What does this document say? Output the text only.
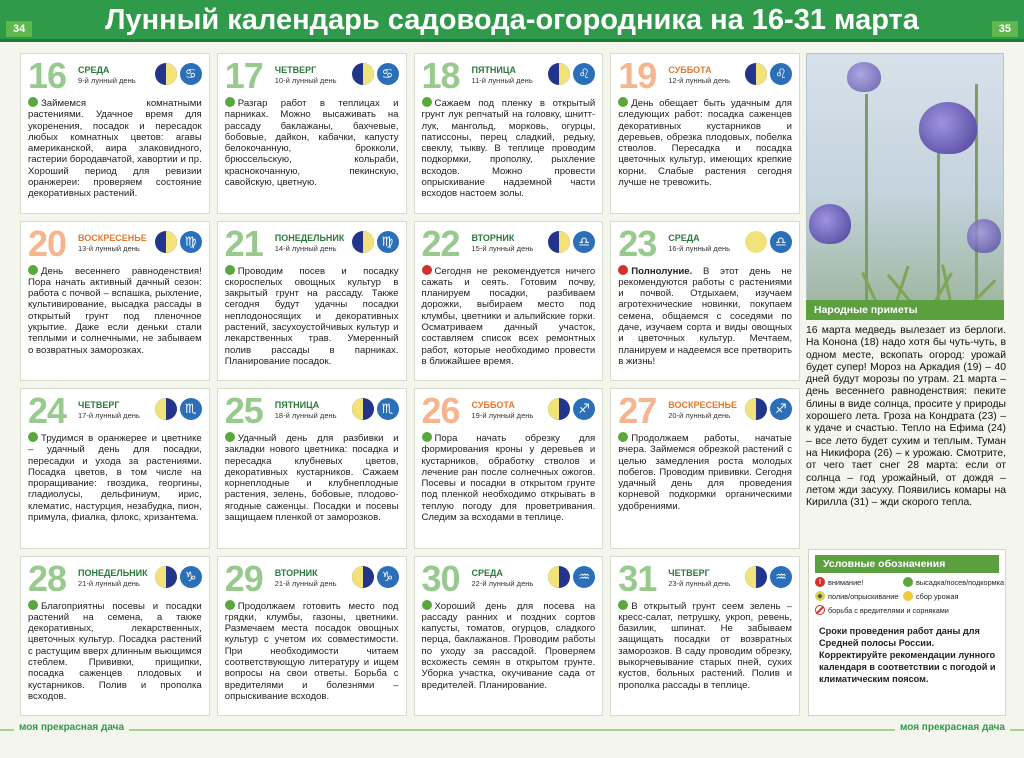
34	Лунный календарь садовода-огородника на 16-31 марта	35
16	СРЕДА
9-й лунный день	♋
Займемся комнатными растениями. Удачное время для укоренения, посадок и пересадок любых комнатных цветов: агавы американской, аира злаковидного, гастерии бородавчатой, хавортии и пр. Хороший период для ревизии оранжереи: проверяем состояние декоративных растений.
17	ЧЕТВЕРГ
10-й лунный день	♋
Разгар работ в теплицах и парниках. Можно высаживать на рассаду баклажаны, бахчевые, бобовые, дайкон, кабачки, капусту белокочанную, брокколи, брюссельскую, кольраби, краснокочанную, пекинскую, савойскую, цветную.
18	ПЯТНИЦА
11-й лунный день	♌
Сажаем под пленку в открытый грунт лук репчатый на головку, шнитт-лук, мангольд, морковь, огурцы, патиссоны, перец сладкий, редьку, свеклу, тыкву. В теплице проводим подкормки, прополку, рыхление всходов. Можно провести опрыскивание надземной части всходов настоем золы.
19	СУББОТА
12-й лунный день	♌
День обещает быть удачным для следующих работ: посадка саженцев декоративных кустарников и деревьев, обрезка плодовых, побелка стволов. Пересадка и посадка цветочных культур, имеющих крепкие корни. Слабые растения сегодня лучше не тревожить.
20	ВОСКРЕСЕНЬЕ
13-й лунный день	♍
День весеннего равноденствия! Пора начать активный дачный сезон: работа с почвой – вспашка, рыхление, культивирование, высадка рассады в открытый грунт под пленочное укрытие. Даже если деньки стали теплыми и солнечными, не забываем о возвратных заморозках.
21	ПОНЕДЕЛЬНИК
14-й лунный день	♍
Проводим посев и посадку скороспелых овощных культур в закрытый грунт на рассаду. Также сегодня будут удачны посадки неплодоносящих и декоративных растений, засухоустойчивых культур и лекарственных трав. Умеренный полив рассады в парниках. Планирование посадок.
22	ВТОРНИК
15-й лунный день	♎
Сегодня не рекомендуется ничего сажать и сеять. Готовим почву, планируем посадки, разбиваем дорожки, выбираем место под клумбы, цветники и альпийские горки. Осматриваем дачный участок, составляем список всех ремонтных работ, которые необходимо провести в ближайшее время.
23	СРЕДА
16-й лунный день	♎
Полнолуние. В этот день не рекомендуются работы с растениями и почвой. Отдыхаем, изучаем агротехнические новинки, покупаем семена, общаемся с соседями по даче, изучаем сорта и виды овощных и цветочных культур. Мечтаем, планируем и надеемся все претворить в жизнь!
24	ЧЕТВЕРГ
17-й лунный день	♏
Трудимся в оранжерее и цветнике – удачный день для посадки, пересадки и ухода за растениями. Посадка цветов, в том числе на проращивание: гвоздика, георгины, гладиолусы, дельфиниум, ирис, клематис, настурция, незабудка, пион, примула, фиалка, флокс, хризантема.
25	ПЯТНИЦА
18-й лунный день	♏
Удачный день для разбивки и закладки нового цветника: посадка и пересадка клубневых цветов, декоративных кустарников. Сажаем корнеплодные и клубнеплодные растения, зелень, бобовые, плодово-ягодные саженцы. Посадки и посевы защищаем пленкой от заморозков.
26	СУББОТА
19-й лунный день	♐
Пора начать обрезку для формирования кроны у деревьев и кустарников, обработку стволов и лечение ран после солнечных ожогов. Посевы и посадки в открытом грунте под пленкой необходимо открывать в теплую погоду для проветривания. Следим за всходами в теплице.
27	ВОСКРЕСЕНЬЕ
20-й лунный день	♐
Продолжаем работы, начатые вчера. Займемся обрезкой растений с целью замедления роста молодых побегов. Проводим прививки. Сегодня удачный день для проведения корневой подкормки органическими удобрениями.
28	ПОНЕДЕЛЬНИК
21-й лунный день	♑
Благоприятны посевы и посадки растений на семена, а также декоративных, лекарственных, цветочных культур. Посадка растений с растущим вверх длинным вьющимся стеблем. Прививки, прищипки, посадка саженцев плодовых и кустарников. Полив и прополка всходов.
29	ВТОРНИК
21-й лунный день	♑
Продолжаем готовить место под грядки, клумбы, газоны, цветники. Размечаем места посадок овощных культур с учетом их совместимости. При необходимости читаем соответствующую литературу и ищем вопросы на свои ответы. Борьба с вредителями и болезнями – опрыскивание всходов.
30	СРЕДА
22-й лунный день	♒
Хороший день для посева на рассаду ранних и поздних сортов капусты, томатов, огурцов, сладкого перца, баклажанов. Проводим работы по уходу за рассадой. Проверяем всхожесть семян в открытом грунте. Уборка участка, окучивание сада от вредителей. Планирование.
31	ЧЕТВЕРГ
23-й лунный день	♒
В открытый грунт сеем зелень – кресс-салат, петрушку, укроп, ревень, базилик, шпинат. Не забываем защищать посадки от возвратных заморозков. В саду проводим обрезку, выкорчевывание старых пней, сухих кустов, больных растений. Полив и прополка рассады в теплице.
Народные приметы
16 марта медведь вылезает из берлоги. На Конона (18) надо хотя бы чуть-чуть, в одном месте, вскопать огород: урожай будет супер! Мороз на Аркадия (19) – 40 дней будут морозы по утрам. 21 марта – день весеннего равноденствия: пеките блины в виде солнца, просите у природы хорошего лета. Гроза на Кондрата (23) – к удаче и счастью. Тепло на Ефима (24) – все лето будет сухим и теплым. Туман на Никифора (26) – к урожаю. Смотрите, от чего тает снег 28 марта: если от солнца – год урожайный, от дождя – летом жди засуху. Появились комары на Кирилла (31) – жди скорого тепла.
Условные обозначения
! внимание!	высадка/посев/подкормка
◆ полив/опрыскивание сбор урожая
борьба с вредителями и сорняками
Сроки проведения работ даны для Средней полосы России. Корректируйте рекомендации лунного календаря в соответствии с погодой и климатическим поясом.
моя прекрасная дача	моя прекрасная дача
